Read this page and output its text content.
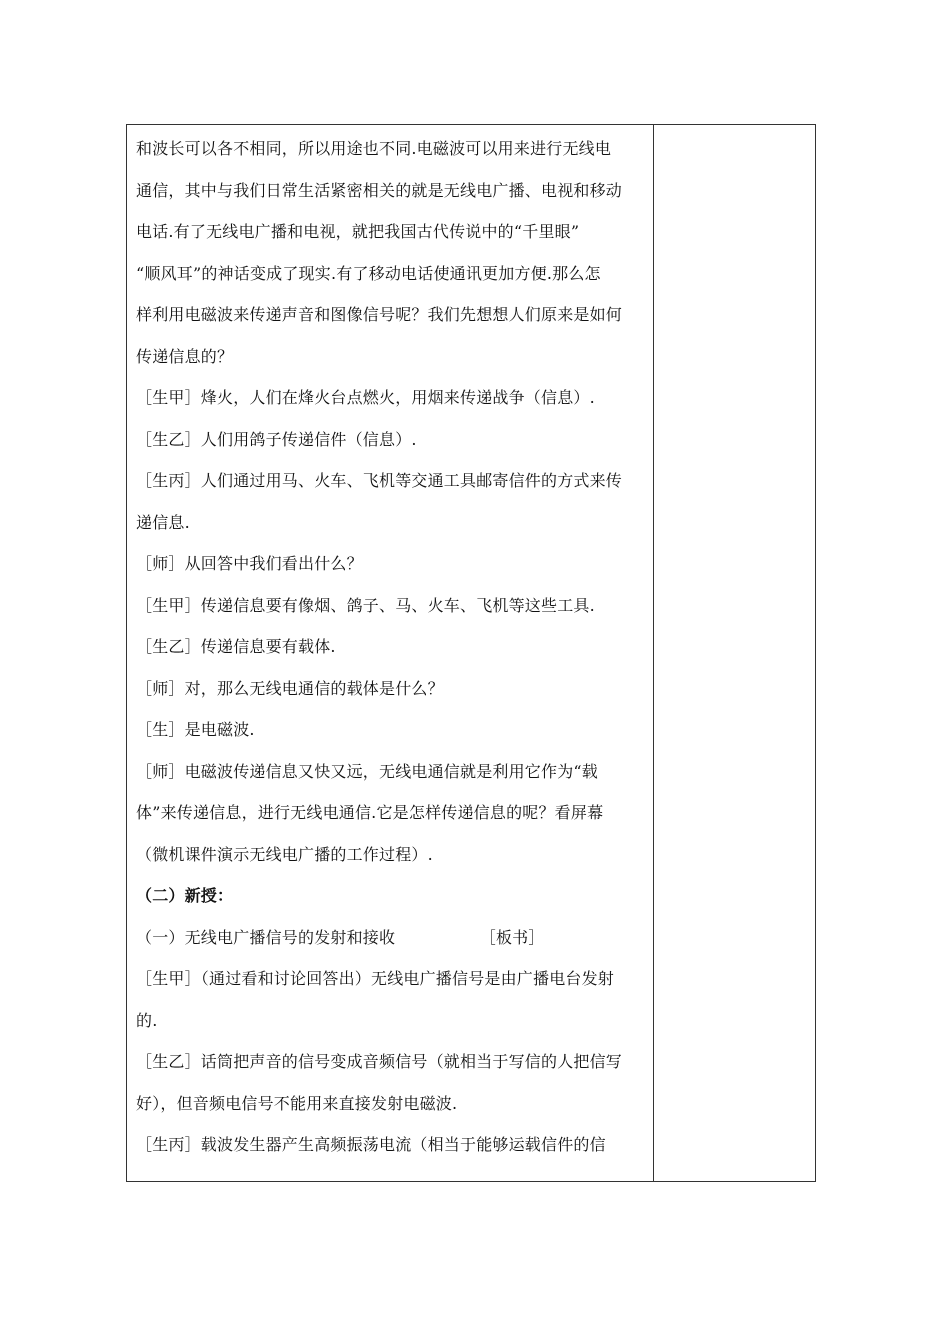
和波长可以各不相同，所以用途也不同.电磁波可以用来进行无线电

通信，其中与我们日常生活紧密相关的就是无线电广播、电视和移动

电话.有了无线电广播和电视，就把我国古代传说中的“千里眼”

“顺风耳”的神话变成了现实.有了移动电话使通讯更加方便.那么怎

样利用电磁波来传递声音和图像信号呢？我们先想想人们原来是如何

传递信息的？

［生甲］烽火，人们在烽火台点燃火，用烟来传递战争（信息）.

［生乙］人们用鸽子传递信件（信息）.

［生丙］人们通过用马、火车、飞机等交通工具邮寄信件的方式来传

递信息.

［师］从回答中我们看出什么？

［生甲］传递信息要有像烟、鸽子、马、火车、飞机等这些工具.

［生乙］传递信息要有载体.

［师］对，那么无线电通信的载体是什么？

［生］是电磁波.

［师］电磁波传递信息又快又远，无线电通信就是利用它作为“载

体”来传递信息，进行无线电通信.它是怎样传递信息的呢？看屏幕

（微机课件演示无线电广播的工作过程）.

（二）新授：

（一）无线电广播信号的发射和接收                ［板书］

［生甲］（通过看和讨论回答出）无线电广播信号是由广播电台发射

的.

［生乙］话筒把声音的信号变成音频信号（就相当于写信的人把信写

好），但音频电信号不能用来直接发射电磁波.

［生丙］载波发生器产生高频振荡电流（相当于能够运载信件的信
